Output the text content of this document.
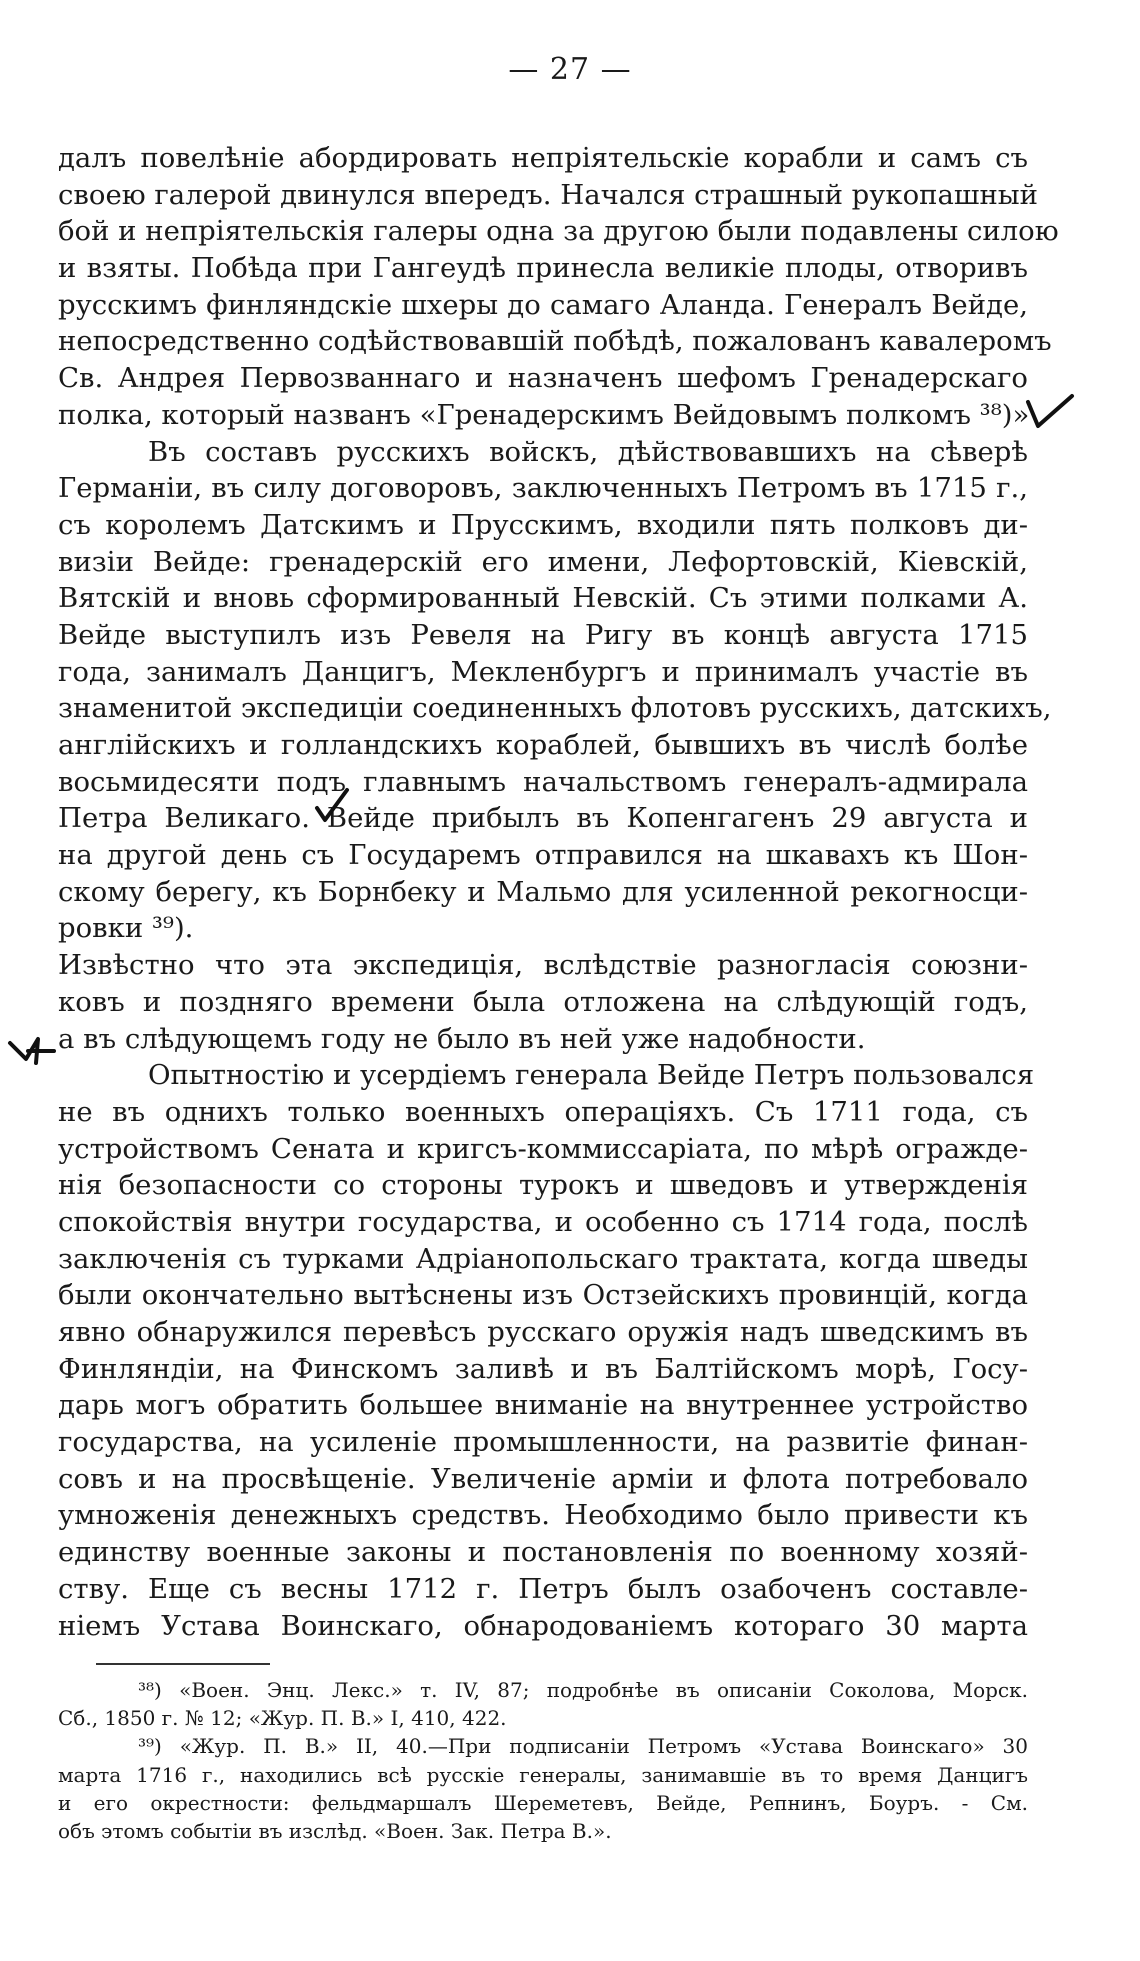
— 27 —
далъ повелѣніе абордировать непріятельскіе корабли и самъ съ
своею галерой двинулся впередъ. Начался страшный рукопашный
бой и непріятельскія галеры одна за другою были подавлены силою
и взяты. Побѣда при Гангеудѣ принесла великіе плоды, отворивъ
русскимъ финляндскіе шхеры до самаго Аланда. Генералъ Вейде,
непосредственно содѣйствовавшій побѣдѣ, пожалованъ кавалеромъ
Св. Андрея Первозваннаго и назначенъ шефомъ Гренадерскаго
полка, который названъ «Гренадерскимъ Вейдовымъ полкомъ ³⁸)»
Въ составъ русскихъ войскъ, дѣйствовавшихъ на сѣверѣ
Германіи, въ силу договоровъ, заключенныхъ Петромъ въ 1715 г.,
съ королемъ Датскимъ и Прусскимъ, входили пять полковъ ди-
визіи Вейде: гренадерскій его имени, Лефортовскій, Кіевскій,
Вятскій и вновь сформированный Невскій. Съ этими полками А.
Вейде выступилъ изъ Ревеля на Ригу въ концѣ августа 1715
года, занималъ Данцигъ, Мекленбургъ и принималъ участіе въ
знаменитой экспедиціи соединенныхъ флотовъ русскихъ, датскихъ,
англійскихъ и голландскихъ кораблей, бывшихъ въ числѣ болѣе
восьмидесяти подъ главнымъ начальствомъ генералъ-адмирала
Петра Великаго. Вейде прибылъ въ Копенгагенъ 29 августа и
на другой день съ Государемъ отправился на шкавахъ къ Шон-
скому берегу, къ Борнбеку и Мальмо для усиленной рекогносци-
ровки ³⁹).
Извѣстно что эта экспедиція, вслѣдствіе разногласія союзни-
ковъ и поздняго времени была отложена на слѣдующій годъ,
а въ слѣдующемъ году не было въ ней уже надобности.
Опытностію и усердіемъ генерала Вейде Петръ пользовался
не въ однихъ только военныхъ операціяхъ. Съ 1711 года, съ
устройствомъ Сената и кригсъ-коммиссаріата, по мѣрѣ огражде-
нія безопасности со стороны турокъ и шведовъ и утвержденія
спокойствія внутри государства, и особенно съ 1714 года, послѣ
заключенія съ турками Адріанопольскаго трактата, когда шведы
были окончательно вытѣснены изъ Остзейскихъ провинцій, когда
явно обнаружился перевѣсъ русскаго оружія надъ шведскимъ въ
Финляндіи, на Финскомъ заливѣ и въ Балтійскомъ морѣ, Госу-
дарь могъ обратить большее вниманіе на внутреннее устройство
государства, на усиленіе промышленности, на развитіе финан-
совъ и на просвѣщеніе. Увеличеніе арміи и флота потребовало
умноженія денежныхъ средствъ. Необходимо было привести къ
единству военные законы и постановленія по военному хозяй-
ству. Еще съ весны 1712 г. Петръ былъ озабоченъ составле-
ніемъ Устава Воинскаго, обнародованіемъ котораго 30 марта
³⁸) «Воен. Энц. Лекс.» т. IV, 87; подробнѣе въ описаніи Соколова, Морск.
Сб., 1850 г. № 12; «Жур. П. В.» I, 410, 422.
³⁹) «Жур. П. В.» II, 40.—При подписаніи Петромъ «Устава Воинскаго» 30
марта 1716 г., находились всѣ русскіе генералы, занимавшіе въ то время Данцигъ
и его окрестности: фельдмаршалъ Шереметевъ, Вейде, Репнинъ, Боуръ. - См.
объ этомъ событіи въ изслѣд. «Воен. Зак. Петра В.».
